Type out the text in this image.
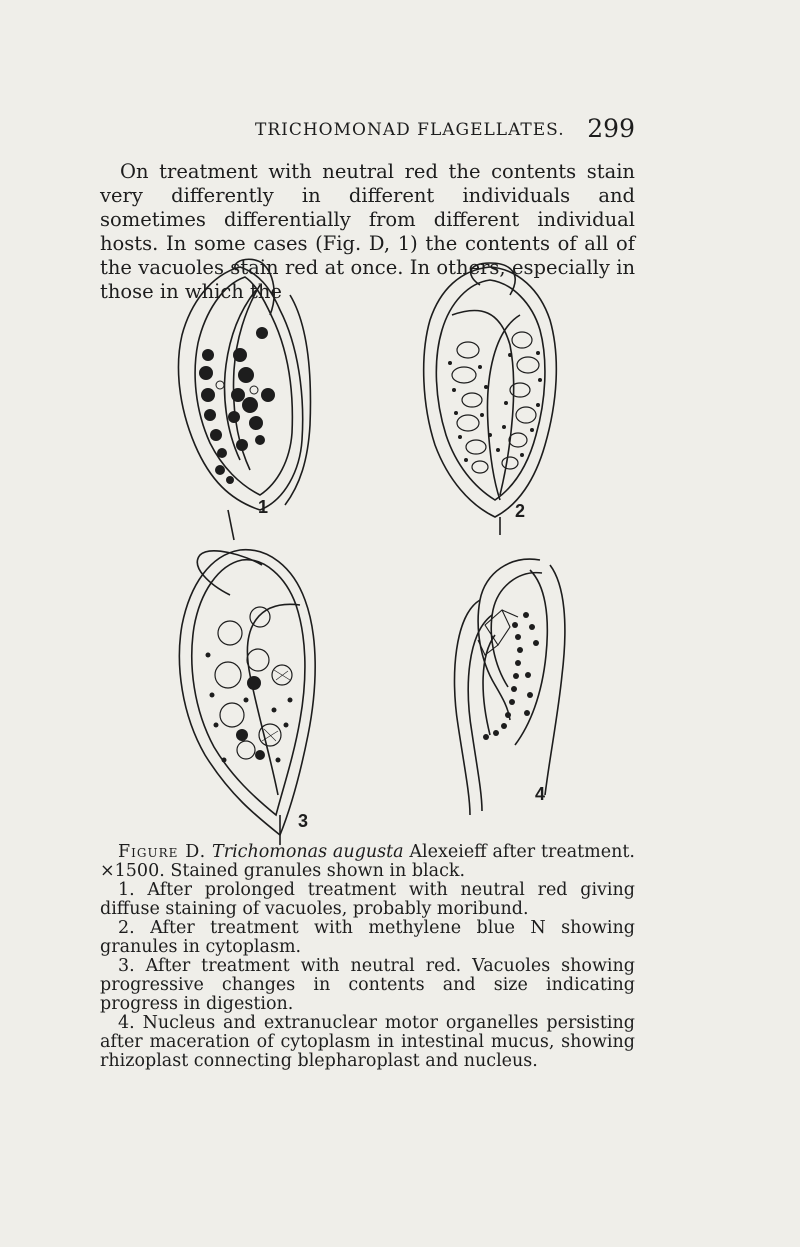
TRICHOMONAD FLAGELLATES. 299
On treatment with neutral red the contents stain very differently in different individuals and sometimes differentially from different individual hosts. In some cases (Fig. D, 1) the contents of all of the vacuoles stain red at once. In others, especially in those in which the
1	2
3
4

Figure D. Trichomonas augusta Alexeieff after treatment. ×1500. Stained granules shown in black.

1. After prolonged treatment with neutral red giving diffuse staining of vacuoles, probably moribund.

2. After treatment with methylene blue N showing granules in cytoplasm.

3. After treatment with neutral red. Vacuoles showing progressive changes in contents and size indicating progress in digestion.

4. Nucleus and extranuclear motor organelles persisting after maceration of cytoplasm in intestinal mucus, showing rhizoplast connecting blepharoplast and nucleus.
